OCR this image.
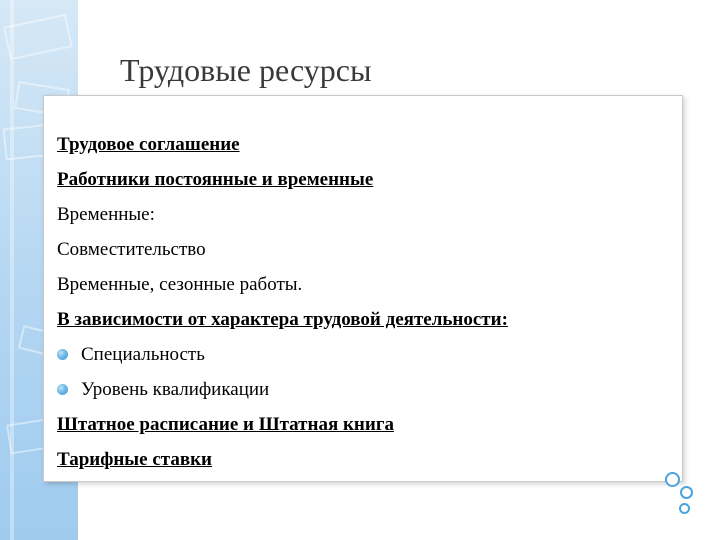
Трудовые ресурсы
Трудовое соглашение
Работники постоянные и временные
Временные:
Совместительство
Временные, сезонные работы.
В зависимости от характера трудовой деятельности:
Специальность
Уровень квалификации
Штатное расписание и Штатная книга
Тарифные ставки
